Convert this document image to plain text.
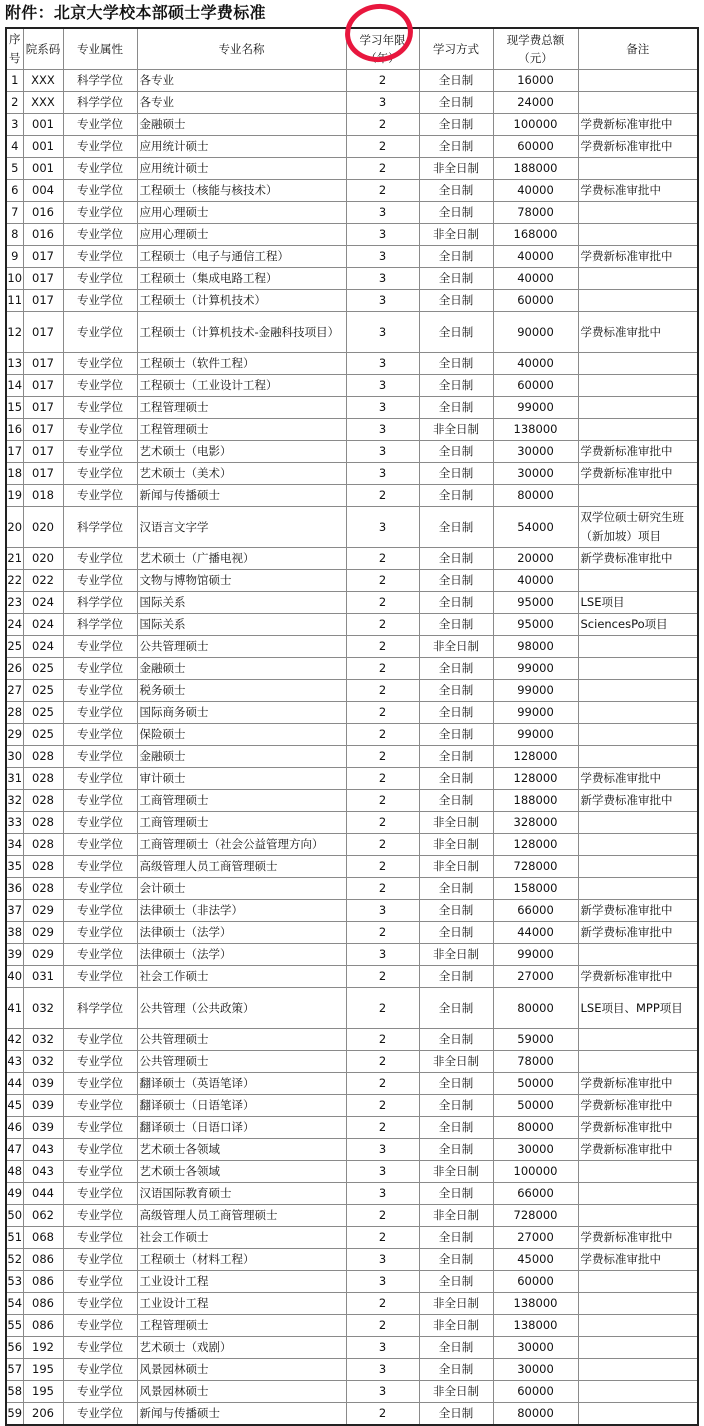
附件：北京大学校本部硕士学费标准
序号	院系码	专业属性	专业名称	学习年限（年）	学习方式	现学费总额（元）	备注
1	XXX	科学学位	各专业	2	全日制	16000	
2	XXX	科学学位	各专业	3	全日制	24000	
3	001	专业学位	金融硕士	2	全日制	100000	学费新标准审批中
4	001	专业学位	应用统计硕士	2	全日制	60000	学费新标准审批中
5	001	专业学位	应用统计硕士	2	非全日制	188000	
6	004	专业学位	工程硕士（核能与核技术）	2	全日制	40000	学费标准审批中
7	016	专业学位	应用心理硕士	3	全日制	78000	
8	016	专业学位	应用心理硕士	3	非全日制	168000	
9	017	专业学位	工程硕士（电子与通信工程）	3	全日制	40000	学费新标准审批中
10	017	专业学位	工程硕士（集成电路工程）	3	全日制	40000	
11	017	专业学位	工程硕士（计算机技术）	3	全日制	60000	
12	017	专业学位	工程硕士（计算机技术-金融科技项目）	3	全日制	90000	学费标准审批中
13	017	专业学位	工程硕士（软件工程）	3	全日制	40000	
14	017	专业学位	工程硕士（工业设计工程）	3	全日制	60000	
15	017	专业学位	工程管理硕士	3	全日制	99000	
16	017	专业学位	工程管理硕士	3	非全日制	138000	
17	017	专业学位	艺术硕士（电影）	3	全日制	30000	学费新标准审批中
18	017	专业学位	艺术硕士（美术）	3	全日制	30000	学费新标准审批中
19	018	专业学位	新闻与传播硕士	2	全日制	80000	
20	020	科学学位	汉语言文字学	3	全日制	54000	双学位硕士研究生班（新加坡）项目
21	020	专业学位	艺术硕士（广播电视）	2	全日制	20000	新学费标准审批中
22	022	专业学位	文物与博物馆硕士	2	全日制	40000	
23	024	科学学位	国际关系	2	全日制	95000	LSE项目
24	024	科学学位	国际关系	2	全日制	95000	SciencesPo项目
25	024	专业学位	公共管理硕士	2	非全日制	98000	
26	025	专业学位	金融硕士	2	全日制	99000	
27	025	专业学位	税务硕士	2	全日制	99000	
28	025	专业学位	国际商务硕士	2	全日制	99000	
29	025	专业学位	保险硕士	2	全日制	99000	
30	028	专业学位	金融硕士	2	全日制	128000	
31	028	专业学位	审计硕士	2	全日制	128000	学费标准审批中
32	028	专业学位	工商管理硕士	2	全日制	188000	新学费标准审批中
33	028	专业学位	工商管理硕士	2	非全日制	328000	
34	028	专业学位	工商管理硕士（社会公益管理方向）	2	非全日制	128000	
35	028	专业学位	高级管理人员工商管理硕士	2	非全日制	728000	
36	028	专业学位	会计硕士	2	全日制	158000	
37	029	专业学位	法律硕士（非法学）	3	全日制	66000	新学费标准审批中
38	029	专业学位	法律硕士（法学）	2	全日制	44000	新学费标准审批中
39	029	专业学位	法律硕士（法学）	3	非全日制	99000	
40	031	专业学位	社会工作硕士	2	全日制	27000	学费新标准审批中
41	032	科学学位	公共管理（公共政策）	2	全日制	80000	LSE项目、MPP项目
42	032	专业学位	公共管理硕士	2	全日制	59000	
43	032	专业学位	公共管理硕士	2	非全日制	78000	
44	039	专业学位	翻译硕士（英语笔译）	2	全日制	50000	学费新标准审批中
45	039	专业学位	翻译硕士（日语笔译）	2	全日制	50000	学费新标准审批中
46	039	专业学位	翻译硕士（日语口译）	2	全日制	80000	学费新标准审批中
47	043	专业学位	艺术硕士各领域	3	全日制	30000	学费新标准审批中
48	043	专业学位	艺术硕士各领域	3	非全日制	100000	
49	044	专业学位	汉语国际教育硕士	3	全日制	66000	
50	062	专业学位	高级管理人员工商管理硕士	2	非全日制	728000	
51	068	专业学位	社会工作硕士	2	全日制	27000	学费新标准审批中
52	086	专业学位	工程硕士（材料工程）	3	全日制	45000	学费标准审批中
53	086	专业学位	工业设计工程	3	全日制	60000	
54	086	专业学位	工业设计工程	2	非全日制	138000	
55	086	专业学位	工程管理硕士	2	非全日制	138000	
56	192	专业学位	艺术硕士（戏剧）	3	全日制	30000	
57	195	专业学位	风景园林硕士	3	全日制	30000	
58	195	专业学位	风景园林硕士	3	非全日制	60000	
59	206	专业学位	新闻与传播硕士	2	全日制	80000	
